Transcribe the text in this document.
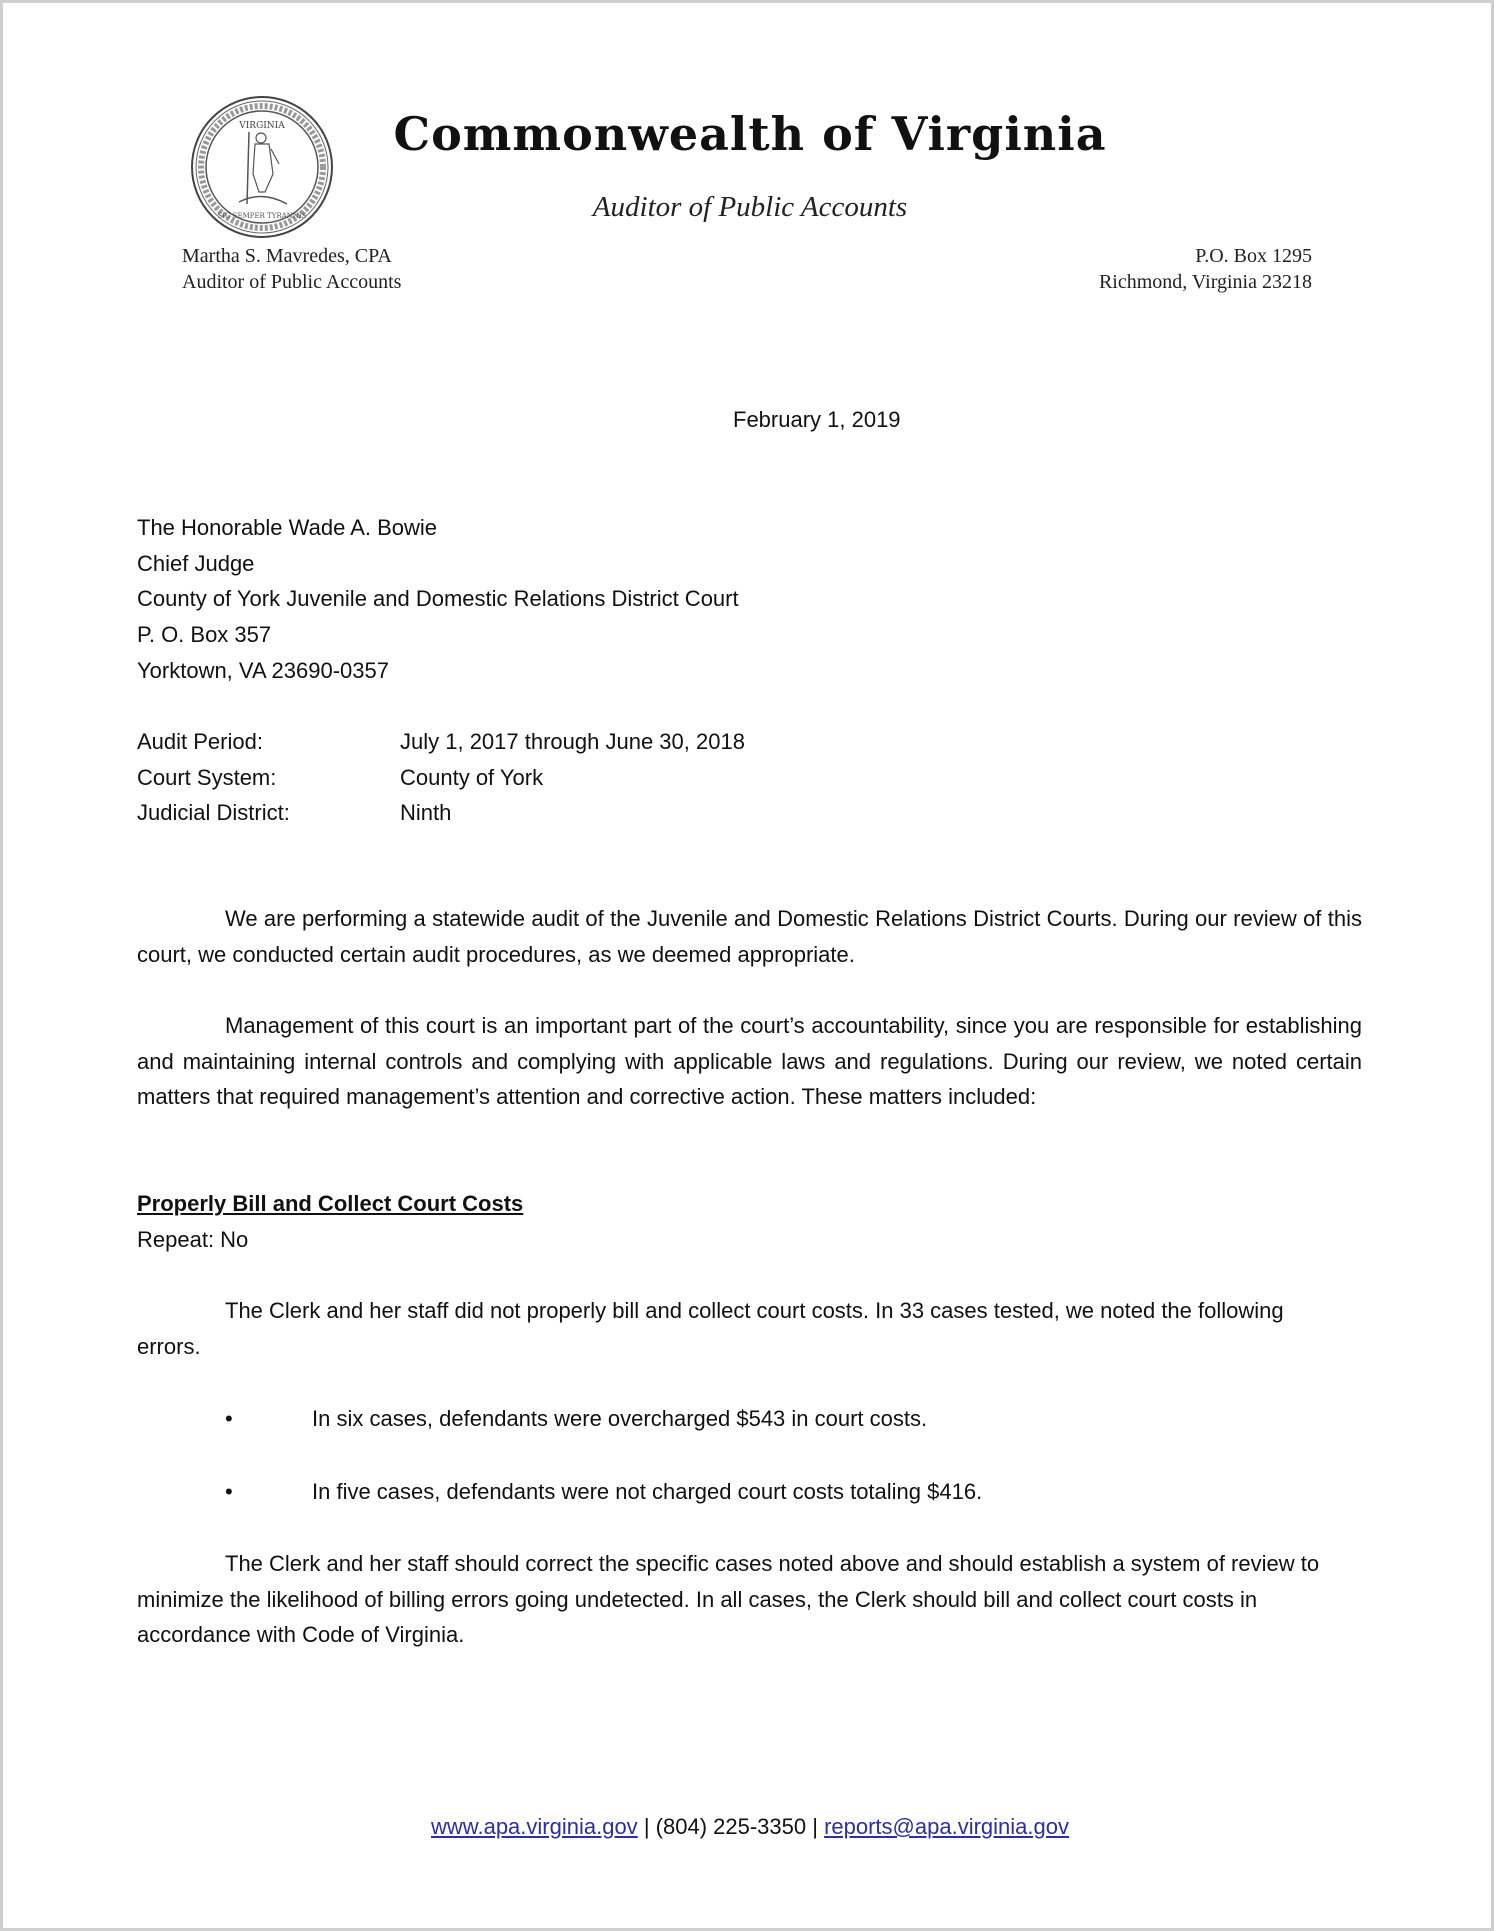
VIRGINIA
SIC SEMPER TYRANNIS
Commonwealth of Virginia
Auditor of Public Accounts
Martha S. Mavredes, CPA
Auditor of Public Accounts
P.O. Box 1295
Richmond, Virginia 23218
February 1, 2019
The Honorable Wade A. Bowie
Chief Judge
County of York Juvenile and Domestic Relations District Court
P. O. Box 357
Yorktown, VA 23690-0357
Audit Period:	July 1, 2017 through June 30, 2018
Court System:	County of York
Judicial District:	Ninth

We are performing a statewide audit of the Juvenile and Domestic Relations District Courts. During our review of this court, we conducted certain audit procedures, as we deemed appropriate.

Management of this court is an important part of the court’s accountability, since you are responsible for establishing and maintaining internal controls and complying with applicable laws and regulations. During our review, we noted certain matters that required management’s attention and corrective action. These matters included:

Properly Bill and Collect Court Costs
Repeat: No

The Clerk and her staff did not properly bill and collect court costs. In 33 cases tested, we noted the following errors.

•	In six cases, defendants were overcharged $543 in court costs.
•	In five cases, defendants were not charged court costs totaling $416.

The Clerk and her staff should correct the specific cases noted above and should establish a system of review to minimize the likelihood of billing errors going undetected. In all cases, the Clerk should bill and collect court costs in accordance with Code of Virginia.

www.apa.virginia.gov | (804) 225-3350 | reports@apa.virginia.gov
